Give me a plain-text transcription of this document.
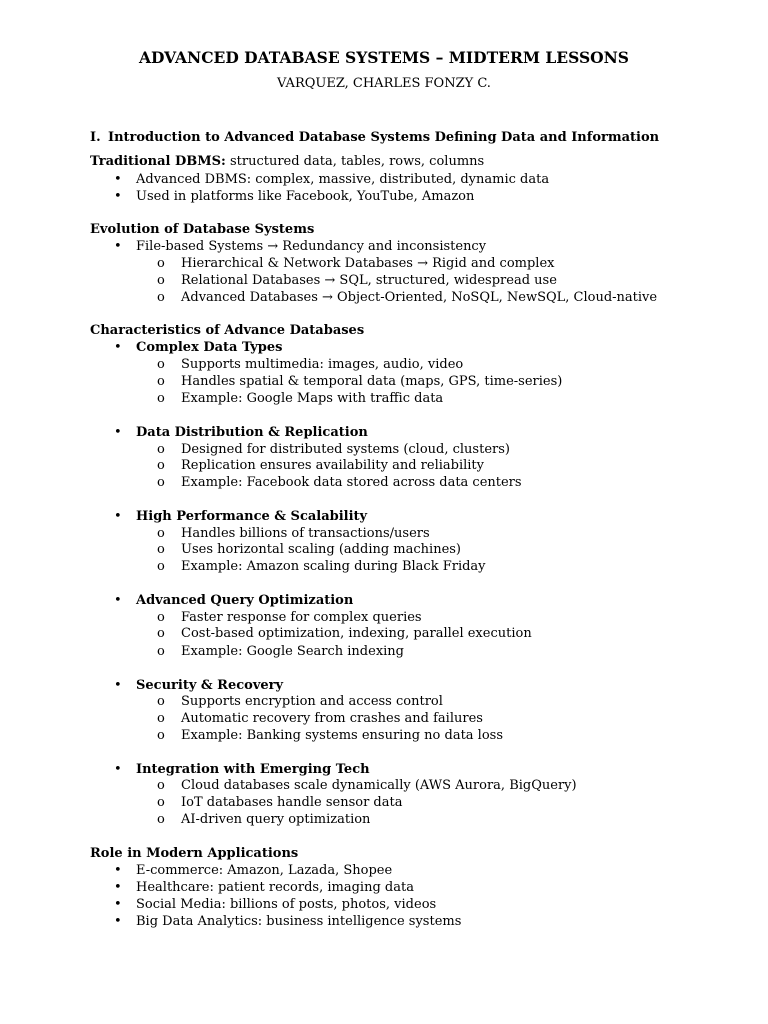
ADVANCED DATABASE SYSTEMS – MIDTERM LESSONS
VARQUEZ, CHARLES FONZY C.
I. Introduction to Advanced Database Systems Defining Data and Information
Traditional DBMS: structured data, tables, rows, columns
• Advanced DBMS: complex, massive, distributed, dynamic data
• Used in platforms like Facebook, YouTube, Amazon
Evolution of Database Systems
• File-based Systems → Redundancy and inconsistency
o Hierarchical & Network Databases → Rigid and complex
o Relational Databases → SQL, structured, widespread use
o Advanced Databases → Object-Oriented, NoSQL, NewSQL, Cloud-native
Characteristics of Advance Databases
• Complex Data Types
o Supports multimedia: images, audio, video
o Handles spatial & temporal data (maps, GPS, time-series)
o Example: Google Maps with traffic data
• Data Distribution & Replication
o Designed for distributed systems (cloud, clusters)
o Replication ensures availability and reliability
o Example: Facebook data stored across data centers
• High Performance & Scalability
o Handles billions of transactions/users
o Uses horizontal scaling (adding machines)
o Example: Amazon scaling during Black Friday
• Advanced Query Optimization
o Faster response for complex queries
o Cost-based optimization, indexing, parallel execution
o Example: Google Search indexing
• Security & Recovery
o Supports encryption and access control
o Automatic recovery from crashes and failures
o Example: Banking systems ensuring no data loss
• Integration with Emerging Tech
o Cloud databases scale dynamically (AWS Aurora, BigQuery)
o IoT databases handle sensor data
o AI-driven query optimization
Role in Modern Applications
• E-commerce: Amazon, Lazada, Shopee
• Healthcare: patient records, imaging data
• Social Media: billions of posts, photos, videos
• Big Data Analytics: business intelligence systems
